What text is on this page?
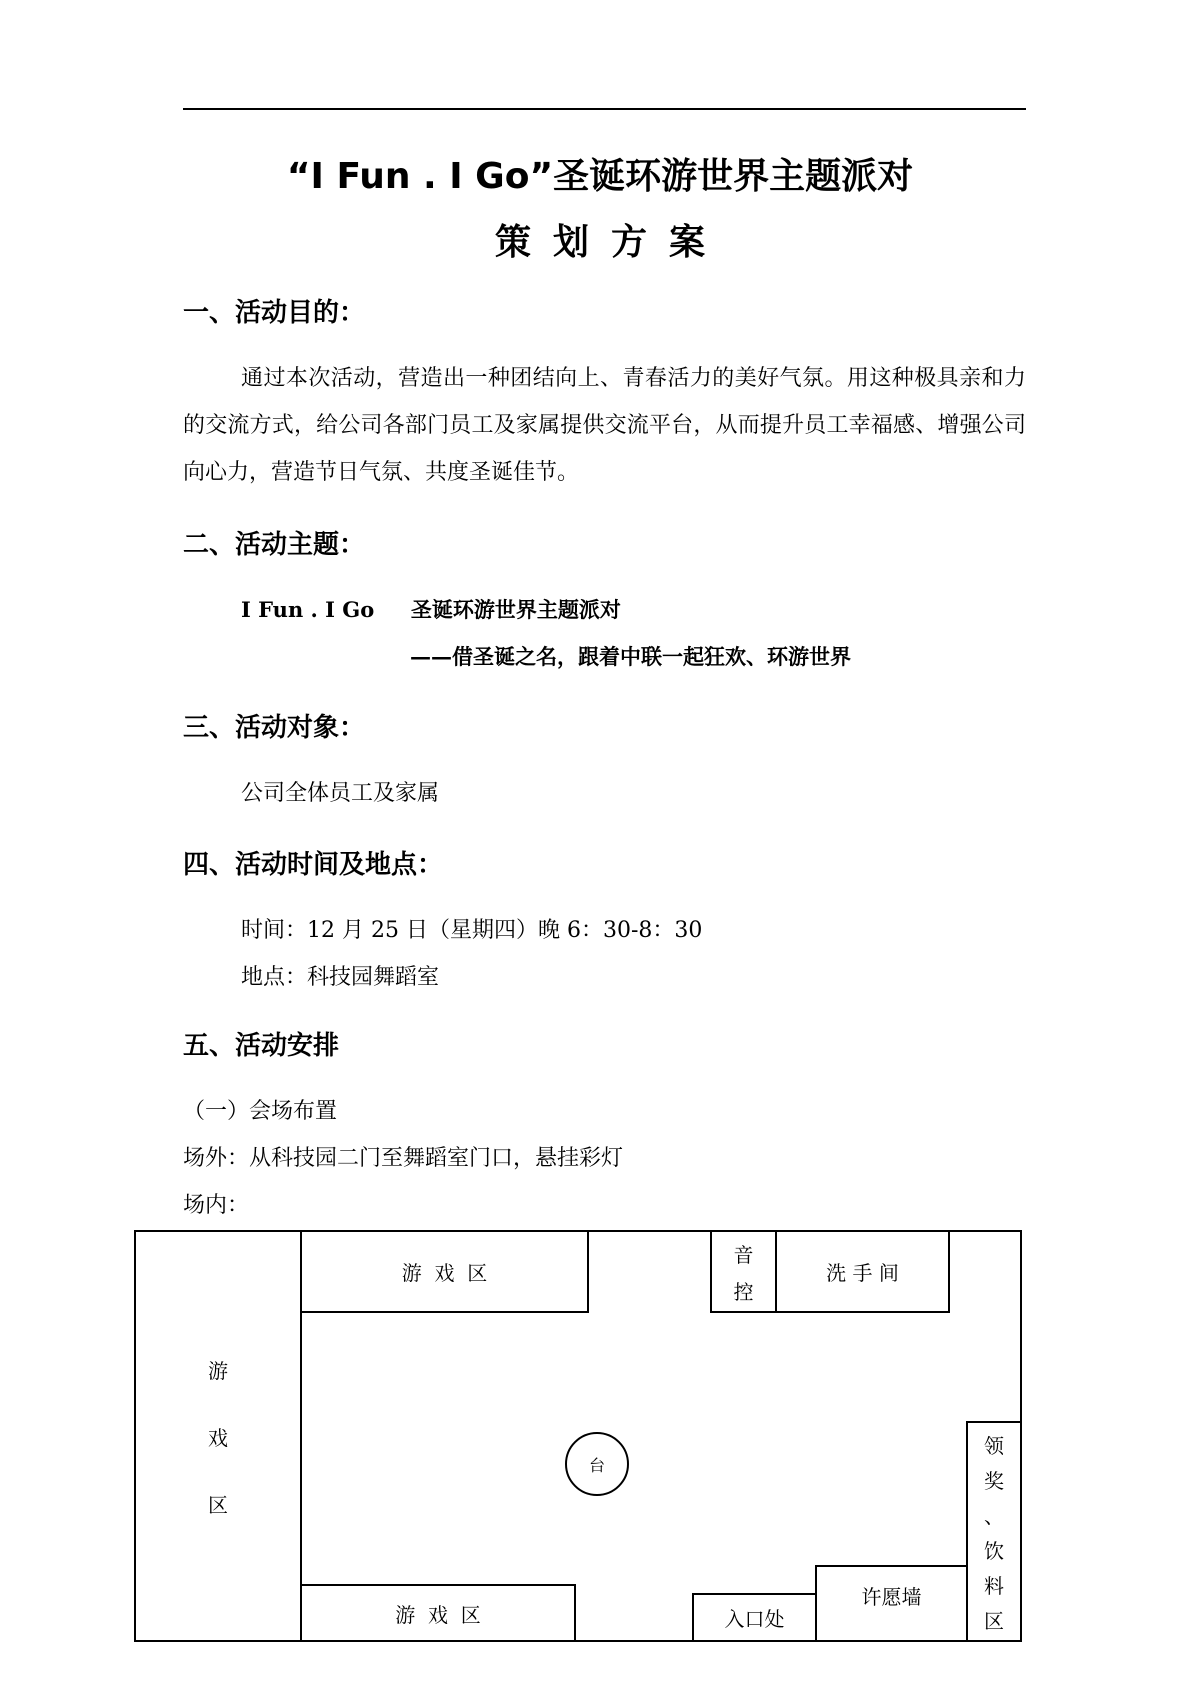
“I Fun . I Go”圣诞环游世界主题派对
策划方案
一、活动目的：
通过本次活动，营造出一种团结向上、青春活力的美好气氛。用这种极具亲和力的交流方式，给公司各部门员工及家属提供交流平台，从而提升员工幸福感、增强公司向心力，营造节日气氛、共度圣诞佳节。
二、活动主题：
I Fun . I Go 圣诞环游世界主题派对
——借圣诞之名，跟着中联一起狂欢、环游世界
三、活动对象：
公司全体员工及家属
四、活动时间及地点：
时间：12 月 25 日（星期四）晚 6：30-8：30
地点：科技园舞蹈室
五、活动安排
（一）会场布置
场外：从科技园二门至舞蹈室门口，悬挂彩灯
场内：
游
戏
区
游  戏  区
音
控
洗 手 间
台
领
奖
、
饮
料
区
许愿墙
入口处
游  戏  区
